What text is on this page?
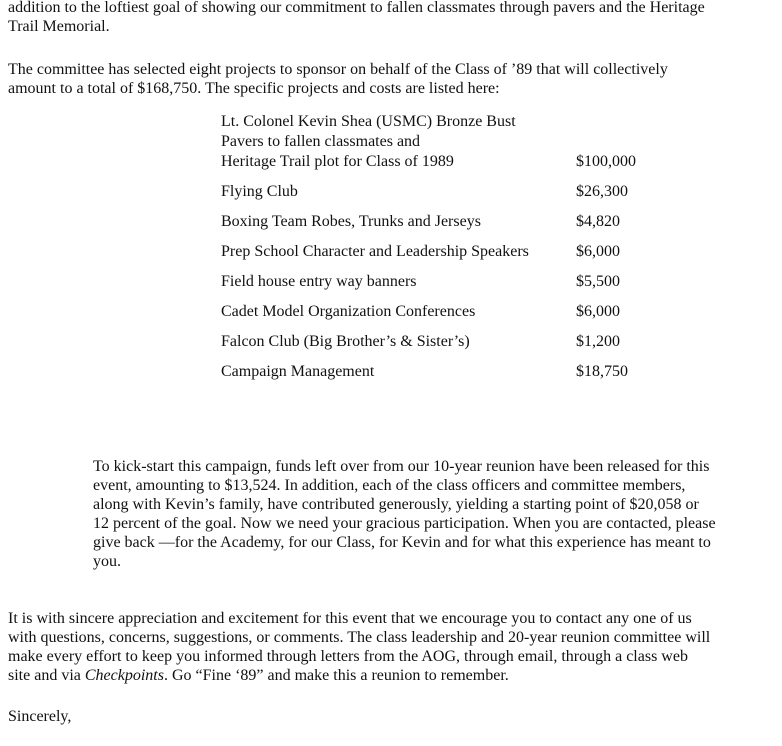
addition to the loftiest goal of showing our commitment to fallen classmates through pavers and the Heritage
Trail Memorial.

The committee has selected eight projects to sponsor on behalf of the Class of ’89 that will collectively
amount to a total of $168,750. The specific projects and costs are listed here:

Lt. Colonel Kevin Shea (USMC) Bronze Bust
Pavers to fallen classmates and
Heritage Trail plot for Class of 1989	$100,000
Flying Club	$26,300
Boxing Team Robes, Trunks and Jerseys	$4,820
Prep School Character and Leadership Speakers	$6,000
Field house entry way banners	$5,500
Cadet Model Organization Conferences	$6,000
Falcon Club (Big Brother’s & Sister’s)	$1,200
Campaign Management	$18,750

To kick-start this campaign, funds left over from our 10-year reunion have been released for this
event, amounting to $13,524. In addition, each of the class officers and committee members,
along with Kevin’s family, have contributed generously, yielding a starting point of $20,058 or
12 percent of the goal. Now we need your gracious participation. When you are contacted, please
give back —for the Academy, for our Class, for Kevin and for what this experience has meant to
you.

It is with sincere appreciation and excitement for this event that we encourage you to contact any one of us
with questions, concerns, suggestions, or comments. The class leadership and 20-year reunion committee will
make every effort to keep you informed through letters from the AOG, through email, through a class web
site and via Checkpoints. Go “Fine ‘89” and make this a reunion to remember.

Sincerely,
